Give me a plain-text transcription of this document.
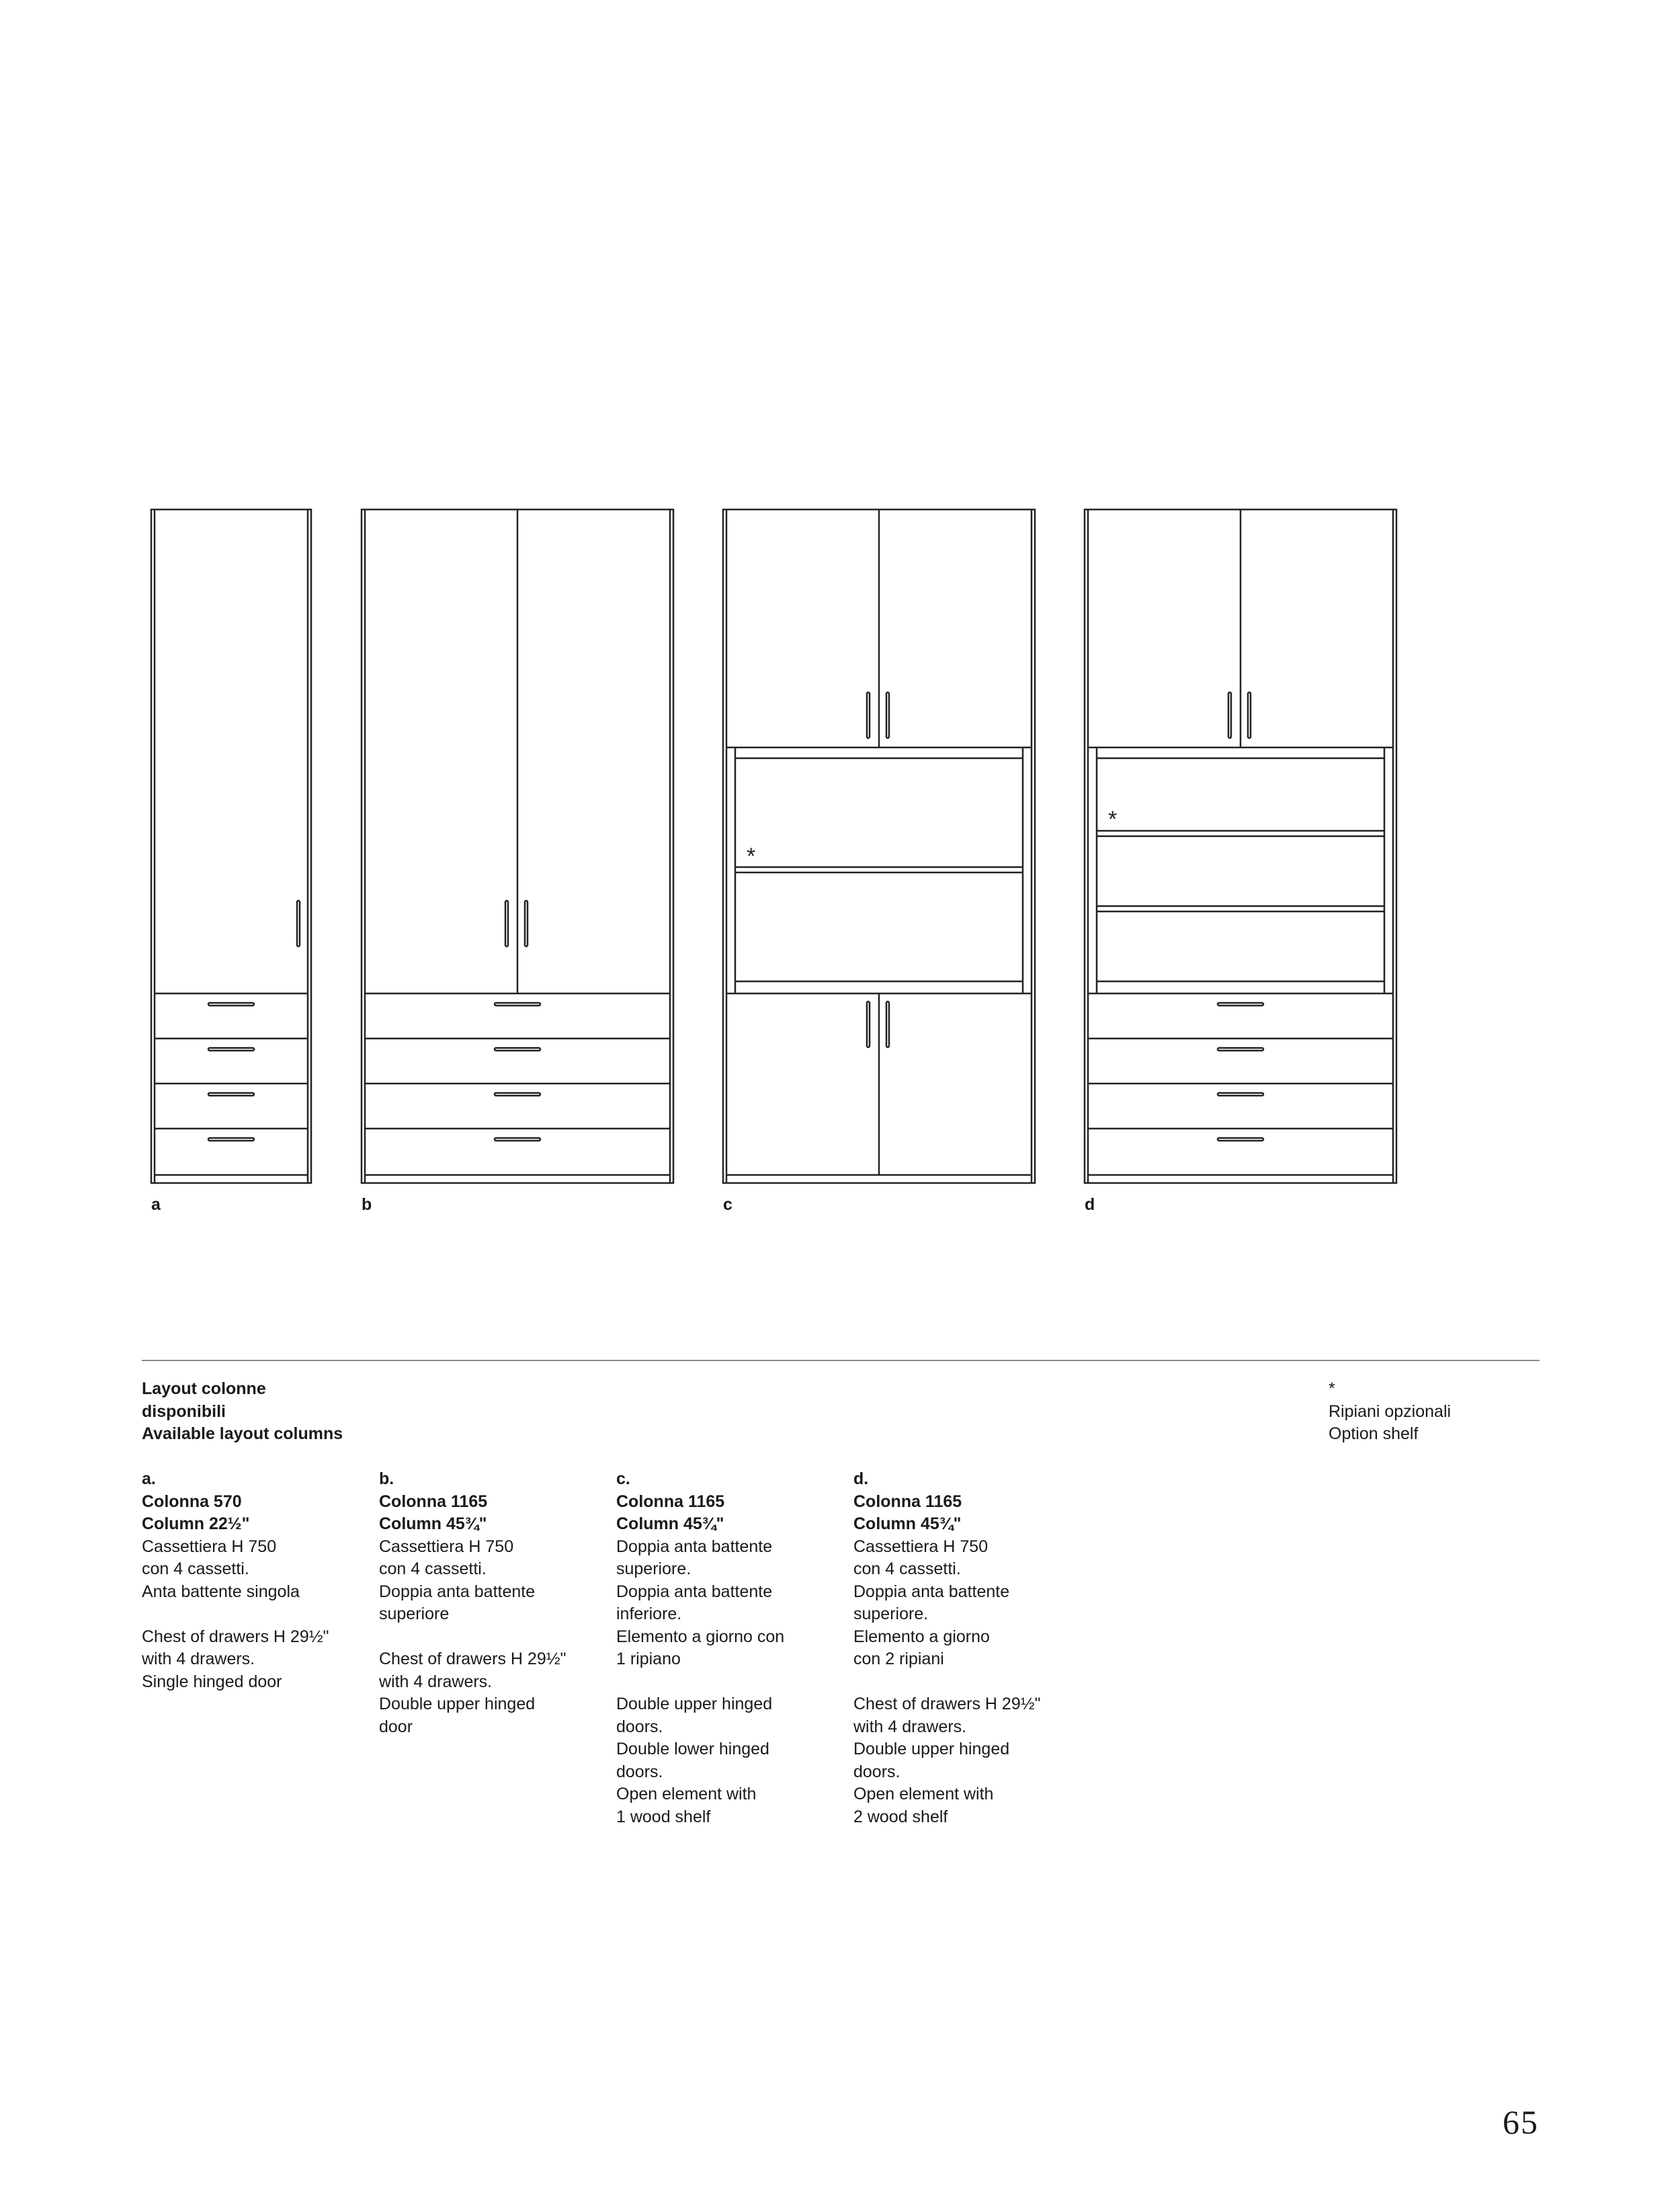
*
*
a	b	c	d
Layout colonne
disponibili
Available layout columns
*
Ripiani opzionali
Option shelf
a.
Colonna 570
Column 22½"
Cassettiera H 750
con 4 cassetti.
Anta battente singola
Chest of drawers H 29½"
with 4 drawers.
Single hinged door
b.
Colonna 1165
Column 45¾"
Cassettiera H 750
con 4 cassetti.
Doppia anta battente
superiore
Chest of drawers H 29½"
with 4 drawers.
Double upper hinged
door
c.
Colonna 1165
Column 45¾"
Doppia anta battente
superiore.
Doppia anta battente
inferiore.
Elemento a giorno con
1 ripiano
Double upper hinged
doors.
Double lower hinged
doors.
Open element with
1 wood shelf
d.
Colonna 1165
Column 45¾"
Cassettiera H 750
con 4 cassetti.
Doppia anta battente
superiore.
Elemento a giorno
con 2 ripiani
Chest of drawers H 29½"
with 4 drawers.
Double upper hinged
doors.
Open element with
2 wood shelf
65
